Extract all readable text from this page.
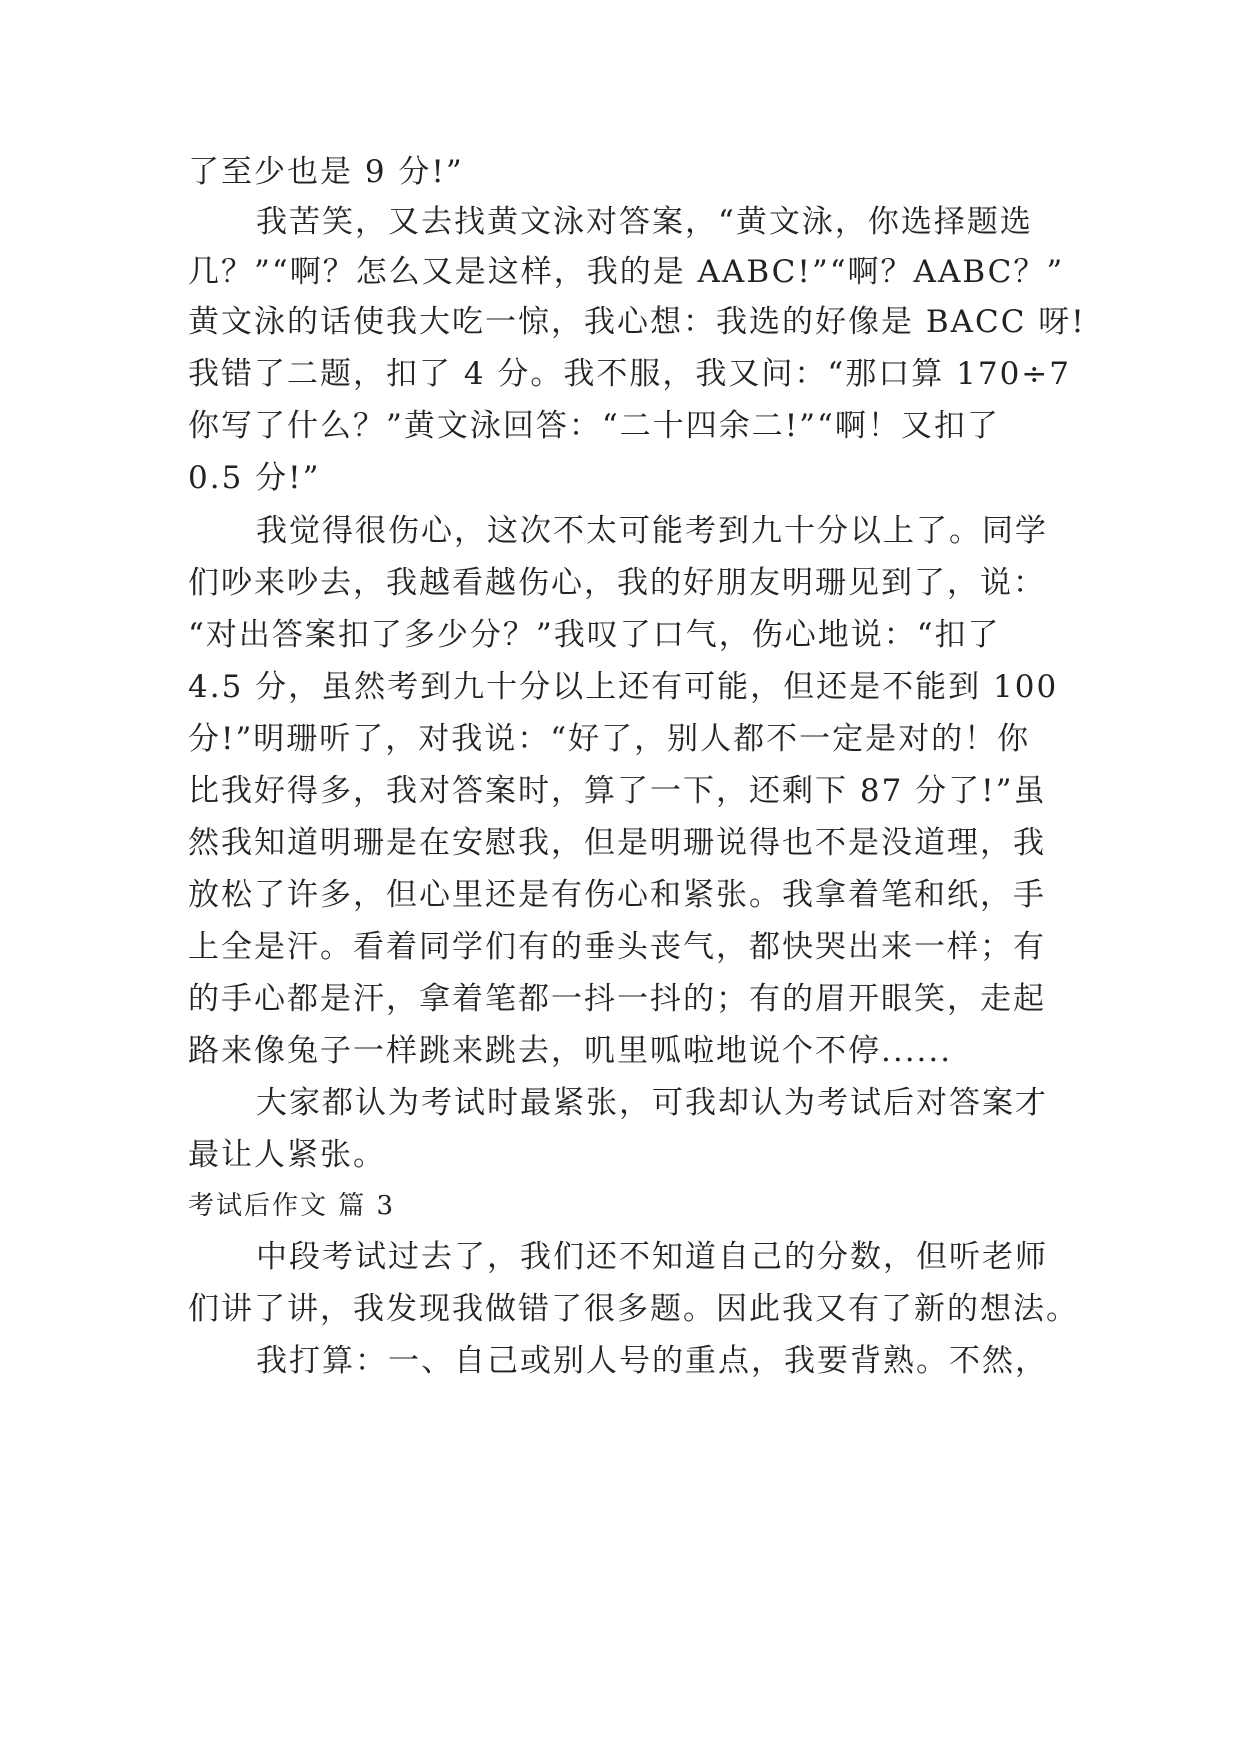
了至少也是 9 分!”
我苦笑，又去找黄文泳对答案，“黄文泳，你选择题选
几？”“啊？怎么又是这样，我的是 AABC!”“啊？AABC？”
黄文泳的话使我大吃一惊，我心想：我选的好像是 BACC 呀!
我错了二题，扣了 4 分。我不服，我又问：“那口算 170÷7
你写了什么？”黄文泳回答：“二十四余二!”“啊！又扣了
0.5 分!”
我觉得很伤心，这次不太可能考到九十分以上了。同学
们吵来吵去，我越看越伤心，我的好朋友明珊见到了，说：
“对出答案扣了多少分？”我叹了口气，伤心地说：“扣了
4.5 分，虽然考到九十分以上还有可能，但还是不能到 100
分!”明珊听了，对我说：“好了，别人都不一定是对的！你
比我好得多，我对答案时，算了一下，还剩下 87 分了!”虽
然我知道明珊是在安慰我，但是明珊说得也不是没道理，我
放松了许多，但心里还是有伤心和紧张。我拿着笔和纸，手
上全是汗。看着同学们有的垂头丧气，都快哭出来一样；有
的手心都是汗，拿着笔都一抖一抖的；有的眉开眼笑，走起
路来像兔子一样跳来跳去，叽里呱啦地说个不停......
大家都认为考试时最紧张，可我却认为考试后对答案才
最让人紧张。
考试后作文 篇 3
中段考试过去了，我们还不知道自己的分数，但听老师
们讲了讲，我发现我做错了很多题。因此我又有了新的想法。
我打算：一、自己或别人号的重点，我要背熟。不然，
